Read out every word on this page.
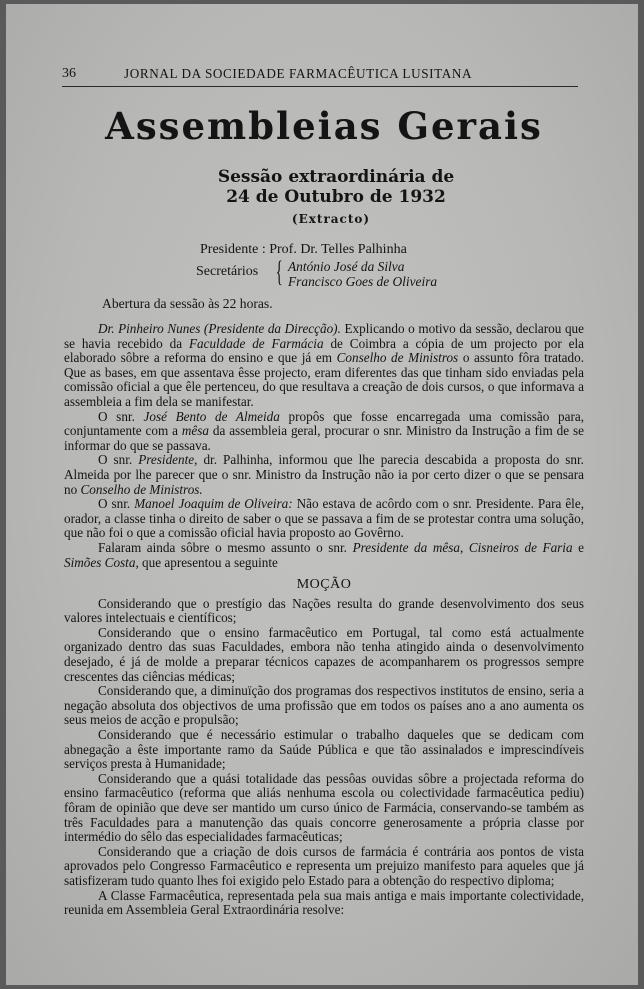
36	JORNAL DA SOCIEDADE FARMACÊUTICA LUSITANA
Assembleias Gerais
Sessão extraordinária de
24 de Outubro de 1932
(Extracto)
Presidente : Prof. Dr. Telles Palhinha
Secretários { António José da Silva
Francisco Goes de Oliveira
Abertura da sessão às 22 horas.

Dr. Pinheiro Nunes (Presidente da Direcção). Explicando o motivo da sessão, declarou que se havia recebido da Faculdade de Farmácia de Coimbra a cópia de um projecto por ela elaborado sôbre a reforma do ensino e que já em Conselho de Ministros o assunto fôra tratado. Que as bases, em que assentava êsse projecto, eram diferentes das que tinham sido enviadas pela comissão oficial a que êle pertenceu, do que resultava a creação de dois cursos, o que informava a assembleia a fim dela se manifestar.

O snr. José Bento de Almeida propôs que fosse encarregada uma comissão para, conjuntamente com a mêsa da assembleia geral, procurar o snr. Ministro da Instrução a fim de se informar do que se passava.

O snr. Presidente, dr. Palhinha, informou que lhe parecia descabida a proposta do snr. Almeida por lhe parecer que o snr. Ministro da Instrução não ia por certo dizer o que se pensara no Conselho de Ministros.

O snr. Manoel Joaquim de Oliveira: Não estava de acôrdo com o snr. Presidente. Para êle, orador, a classe tinha o direito de saber o que se passava a fim de se protestar contra uma solução, que não foi o que a comissão oficial havia proposto ao Govêrno.

Falaram ainda sôbre o mesmo assunto o snr. Presidente da mêsa, Cisneiros de Faria e Simões Costa, que apresentou a seguinte

MOÇÃO

Considerando que o prestígio das Nações resulta do grande desenvolvimento dos seus valores intelectuais e científicos;

Considerando que o ensino farmacêutico em Portugal, tal como está actualmente organizado dentro das suas Faculdades, embora não tenha atingido ainda o desenvolvimento desejado, é já de molde a preparar técnicos capazes de acompanharem os progressos sempre crescentes das ciências médicas;

Considerando que, a diminuïção dos programas dos respectivos institutos de ensino, seria a negação absoluta dos objectivos de uma profissão que em todos os países ano a ano aumenta os seus meios de acção e propulsão;

Considerando que é necessário estimular o trabalho daqueles que se dedicam com abnegação a êste importante ramo da Saúde Pública e que tão assinalados e imprescindíveis serviços presta à Humanidade;

Considerando que a quási totalidade das pessôas ouvidas sôbre a projectada reforma do ensino farmacêutico (reforma que aliás nenhuma escola ou colectividade farmacêutica pediu) fôram de opinião que deve ser mantido um curso único de Farmácia, conservando-se também as três Faculdades para a manutenção das quais concorre generosamente a própria classe por intermédio do sêlo das especialidades farmacêuticas;

Considerando que a criação de dois cursos de farmácia é contrária aos pontos de vista aprovados pelo Congresso Farmacêutico e representa um prejuizo manifesto para aqueles que já satisfizeram tudo quanto lhes foi exigido pelo Estado para a obtenção do respectivo diploma;

A Classe Farmacêutica, representada pela sua mais antiga e mais importante colectividade, reunida em Assembleia Geral Extraordinária resolve:
